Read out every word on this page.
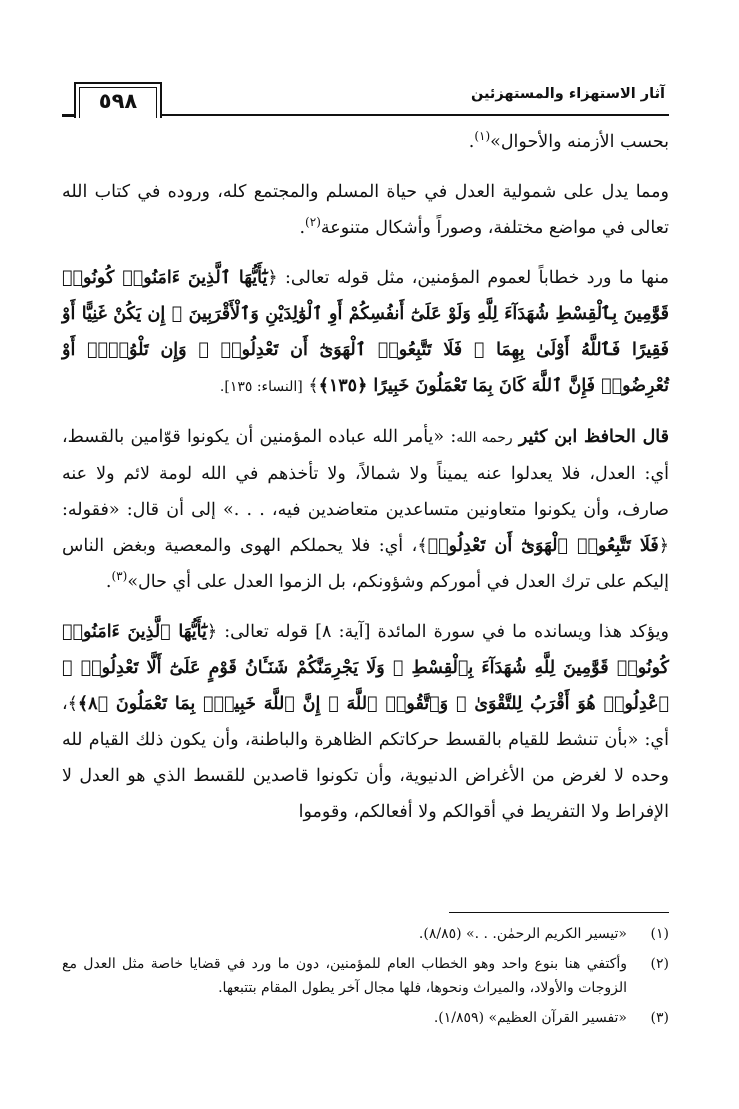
٥٩٨	آثار الاستهزاء والمستهزئين

بحسب الأزمنه والأحوال»$^{(١)}$.

ومما يدل على شمولية العدل في حياة المسلم والمجتمع كله، وروده في كتاب الله تعالى في مواضع مختلفة، وصوراً وأشكال متنوعة$^{(٢)}$.

منها ما ورد خطاباً لعموم المؤمنين، مثل قوله تعالى: ﴿يَٰٓأَيُّهَا ٱلَّذِينَ ءَامَنُوا۟ كُونُوا۟ قَوَّٰمِينَ بِٱلْقِسْطِ شُهَدَآءَ لِلَّهِ وَلَوْ عَلَىٰٓ أَنفُسِكُمْ أَوِ ٱلْوَٰلِدَيْنِ وَٱلْأَقْرَبِينَ ۚ إِن يَكُنْ غَنِيًّا أَوْ فَقِيرًا فَٱللَّهُ أَوْلَىٰ بِهِمَا ۖ فَلَا تَتَّبِعُوا۟ ٱلْهَوَىٰٓ أَن تَعْدِلُوا۟ ۚ وَإِن تَلْوُۥٓا۟ أَوْ تُعْرِضُوا۟ فَإِنَّ ٱللَّهَ كَانَ بِمَا تَعْمَلُونَ خَبِيرًا ﴿١٣٥﴾﴾ [النساء: ١٣٥].

قال الحافظ ابن كثير رحمه الله: «يأمر الله عباده المؤمنين أن يكونوا قوّامين بالقسط، أي: العدل، فلا يعدلوا عنه يميناً ولا شمالاً، ولا تأخذهم في الله لومة لائم ولا عنه صارف، وأن يكونوا متعاونين متساعدين متعاضدين فيه، . . .» إلى أن قال: «فقوله: ﴿فَلَا تَتَّبِعُوا۟ ٱلْهَوَىٰٓ أَن تَعْدِلُوا۟﴾، أي: فلا يحملكم الهوى والمعصية وبغض الناس إليكم على ترك العدل في أموركم وشؤونكم، بل الزموا العدل على أي حال»$^{(٣)}$.

ويؤكد هذا ويسانده ما في سورة المائدة [آية: ٨] قوله تعالى: ﴿يَٰٓأَيُّهَا ٱلَّذِينَ ءَامَنُوا۟ كُونُوا۟ قَوَّٰمِينَ لِلَّهِ شُهَدَآءَ بِٱلْقِسْطِ ۖ وَلَا يَجْرِمَنَّكُمْ شَنَـَٔانُ قَوْمٍ عَلَىٰٓ أَلَّا تَعْدِلُوا۟ ۚ ٱعْدِلُوا۟ هُوَ أَقْرَبُ لِلتَّقْوَىٰ ۖ وَٱتَّقُوا۟ ٱللَّهَ ۚ إِنَّ ٱللَّهَ خَبِيرٌۢ بِمَا تَعْمَلُونَ ﴿٨﴾﴾، أي: «بأن تنشط للقيام بالقسط حركاتكم الظاهرة والباطنة، وأن يكون ذلك القيام لله وحده لا لغرض من الأغراض الدنيوية، وأن تكونوا قاصدين للقسط الذي هو العدل لا الإفراط ولا التفريط في أقوالكم ولا أفعالكم، وقوموا

(١)
«تيسير الكريم الرحمٰن. . .» (٨/٨٥).
(٢)
وأكتفي هنا بنوع واحد وهو الخطاب العام للمؤمنين، دون ما ورد في قضايا خاصة مثل العدل مع الزوجات والأولاد، والميراث ونحوها، فلها مجال آخر يطول المقام بتتبعها.
(٣)
«تفسير القرآن العظيم» (١/٨٥٩).
